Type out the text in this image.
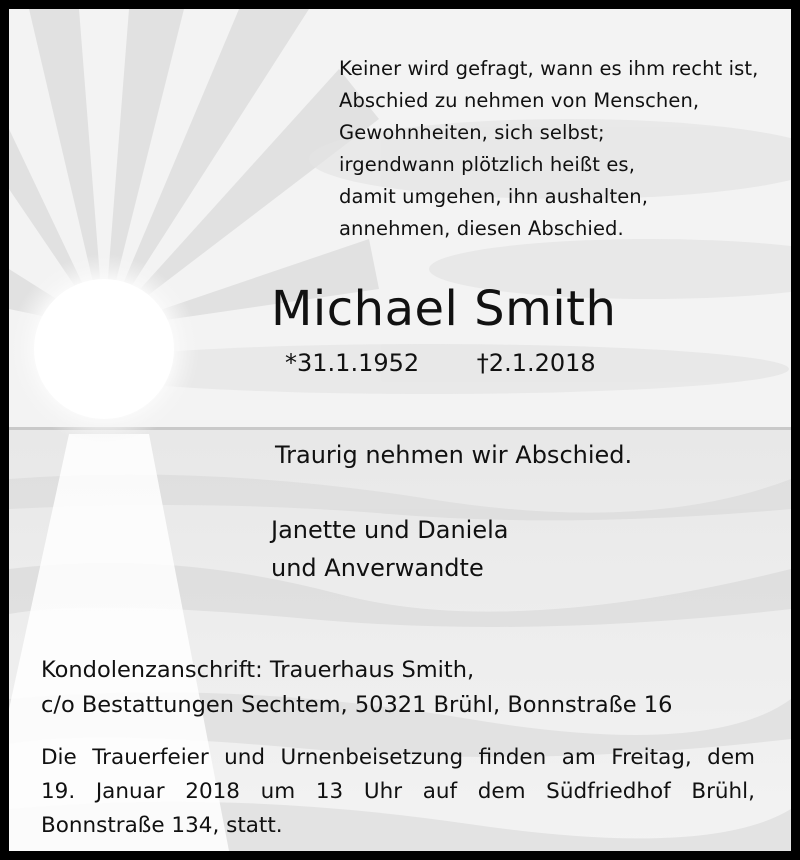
Keiner wird gefragt, wann es ihm recht ist,
Abschied zu nehmen von Menschen,
Gewohnheiten, sich selbst;
irgendwann plötzlich heißt es,
damit umgehen, ihn aushalten,
annehmen, diesen Abschied.
Michael Smith
*31.1.1952 †2.1.2018
Traurig nehmen wir Abschied.
Janette und Daniela
und Anverwandte
Kondolenzanschrift: Trauerhaus Smith,
c/o Bestattungen Sechtem, 50321 Brühl, Bonnstraße 16
Die Trauerfeier und Urnenbeisetzung finden am Freitag, dem
19. Januar 2018 um 13 Uhr auf dem Südfriedhof Brühl,
Bonnstraße 134, statt.
